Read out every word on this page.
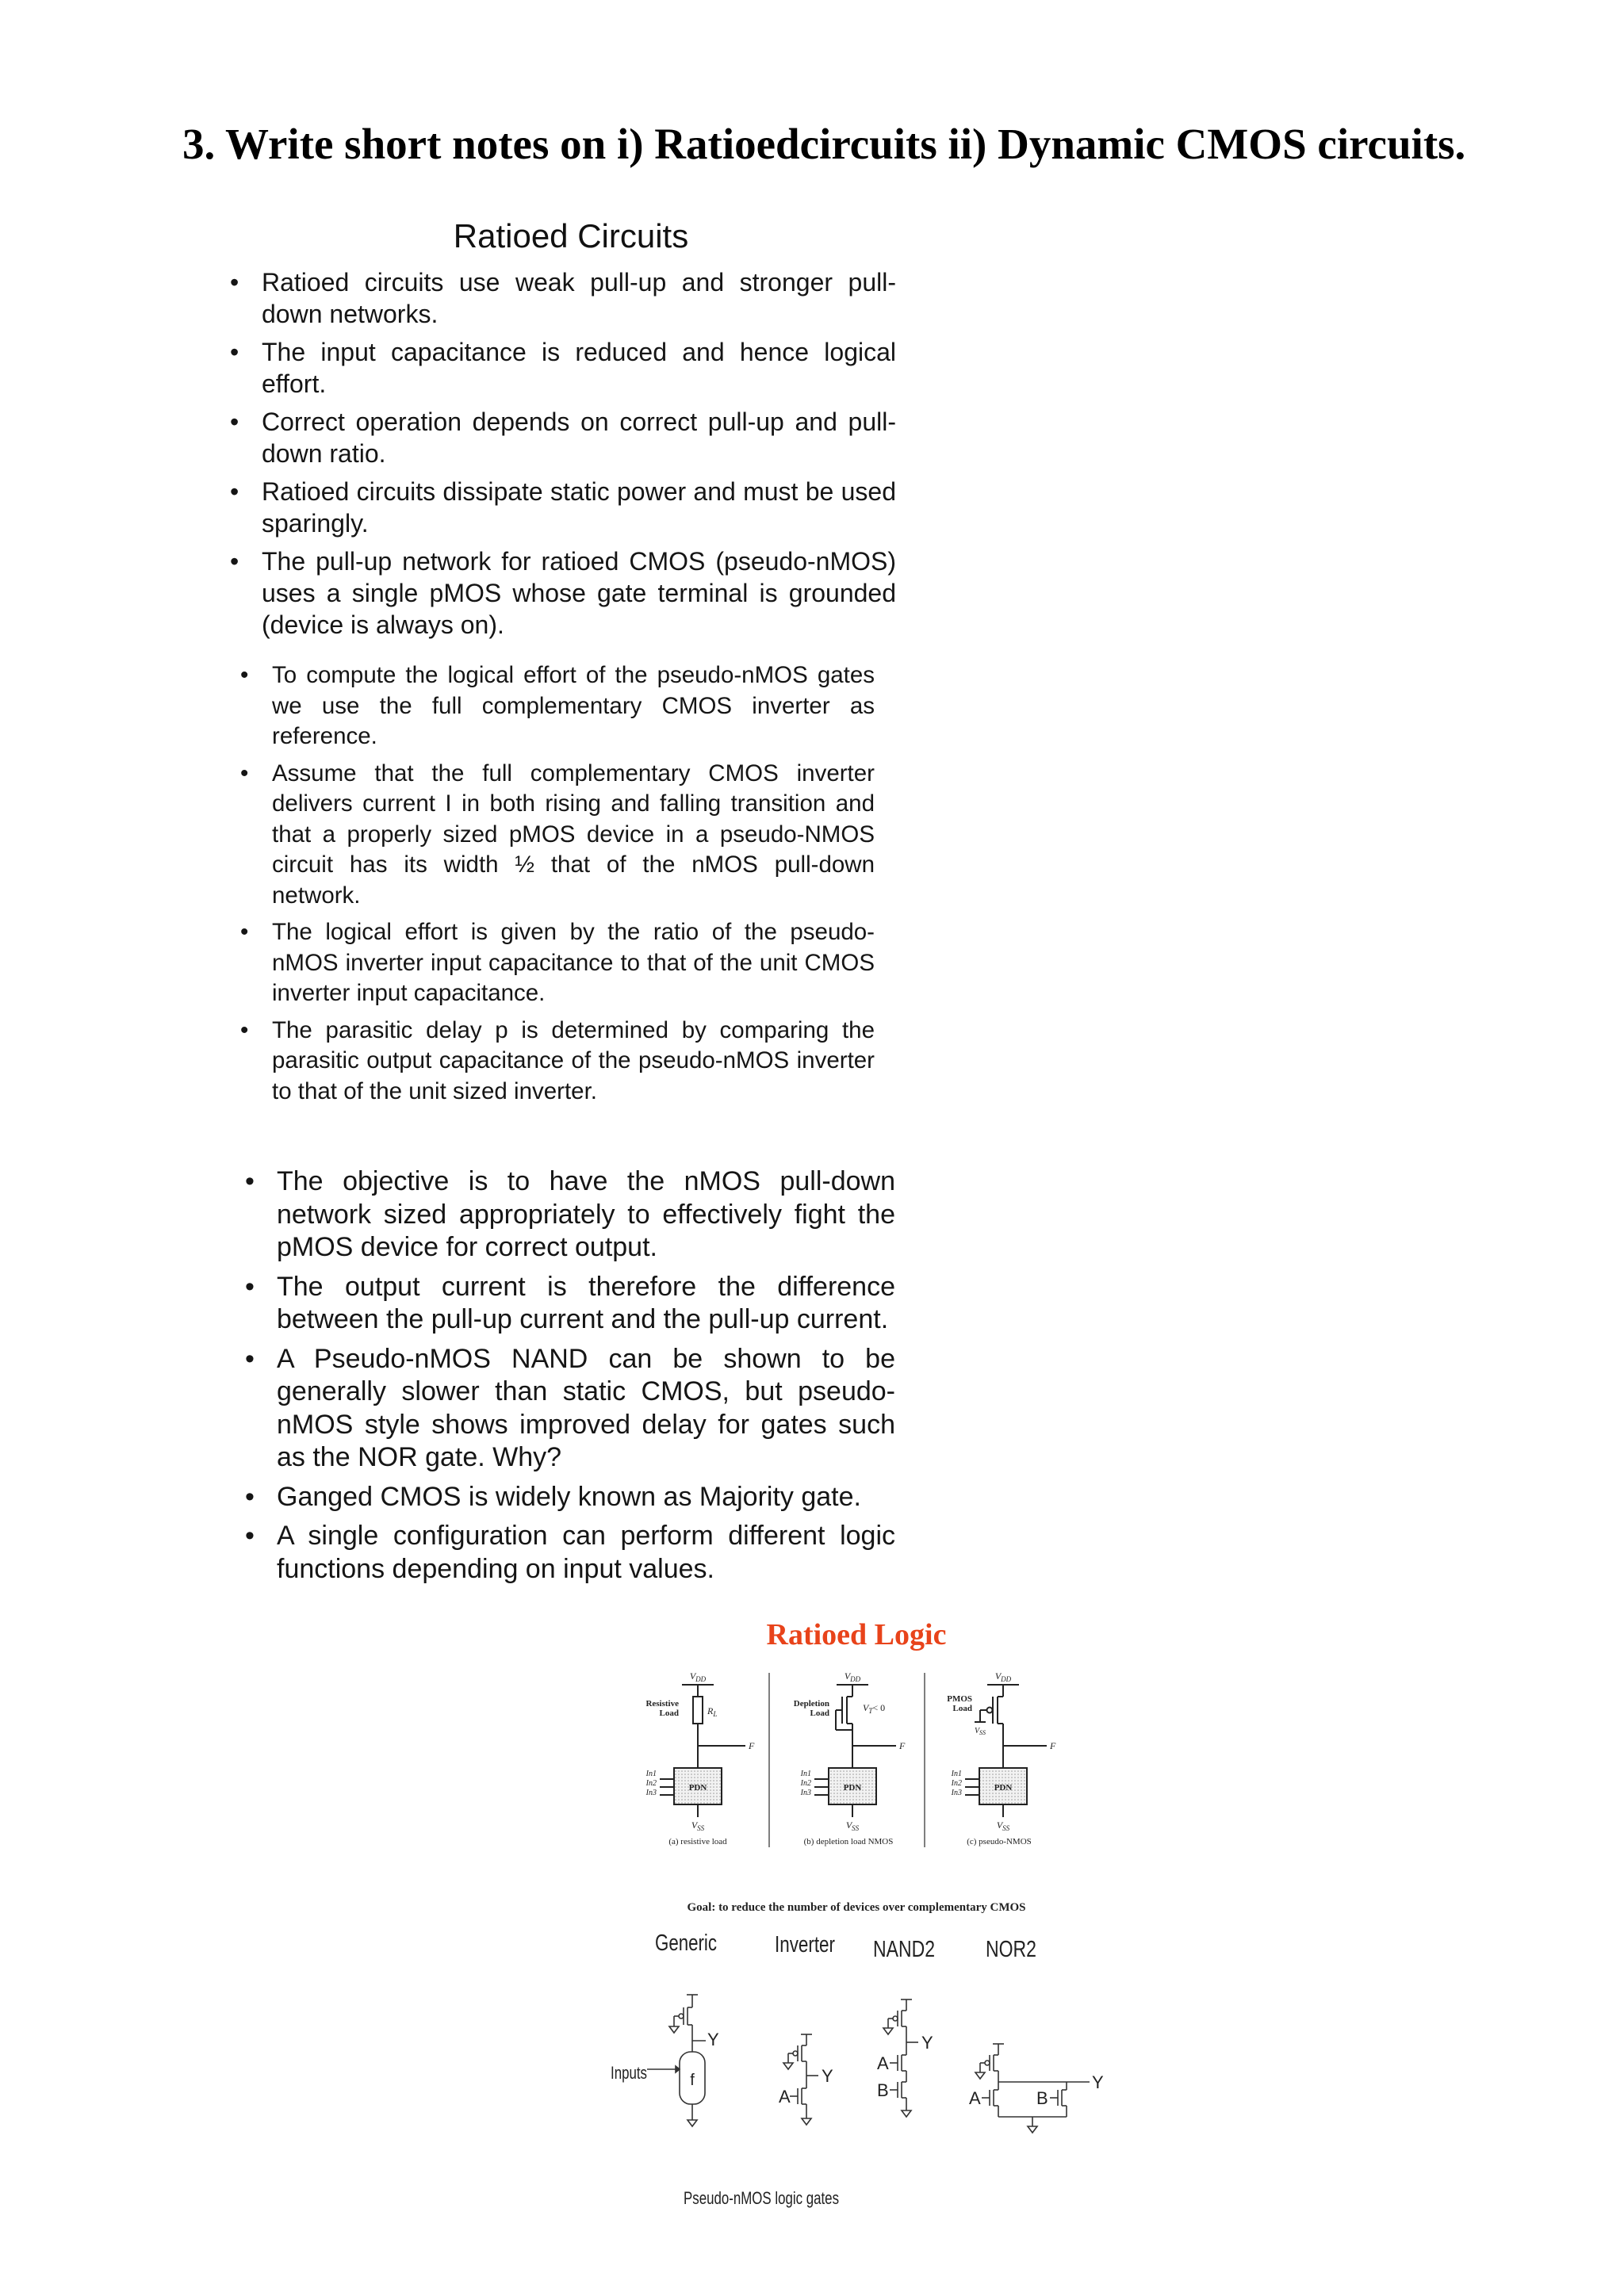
3. Write short notes on i) Ratioedcircuits ii) Dynamic CMOS circuits.
Ratioed Circuits
• Ratioed circuits use weak pull-up and stronger pull-down networks.
• The input capacitance is reduced and hence logical effort.
• Correct operation depends on correct pull-up and pull-down ratio.
• Ratioed circuits dissipate static power and must be used sparingly.
• The pull-up network for ratioed CMOS (pseudo-nMOS) uses a single pMOS whose gate terminal is grounded (device is always on).
• To compute the logical effort of the pseudo-nMOS gates we use the full complementary CMOS inverter as reference.
• Assume that the full complementary CMOS inverter delivers current I in both rising and falling transition and that a properly sized pMOS device in a pseudo-NMOS circuit has its width ½ that of the nMOS pull-down network.
• The logical effort is given by the ratio of the pseudo-nMOS inverter input capacitance to that of the unit CMOS inverter input capacitance.
• The parasitic delay p is determined by comparing the parasitic output capacitance of the pseudo-nMOS inverter to that of the unit sized inverter.
• The objective is to have the nMOS pull-down network sized appropriately to effectively fight the pMOS device for correct output.
• The output current is therefore the difference between the pull-up current and the pull-up current.
• A Pseudo-nMOS NAND can be shown to be generally slower than static CMOS, but pseudo-nMOS style shows improved delay for gates such as the NOR gate. Why?
• Ganged CMOS is widely known as Majority gate.
• A single configuration can perform different logic functions depending on input values.
Ratioed Logic
$V_{DD}$
Resistive
Load	$R_L$
F
PDN
In1
In2
In3
$V_{SS}$
(a) resistive load
$V_{DD}$
Depletion
Load	$V_T< 0$
F
PDN
In1
In2
In3
$V_{SS}$
(b) depletion load NMOS
$V_{DD}$
PMOS
Load
$V_{SS}$
F
PDN
In1
In2
In3
$V_{SS}$
(c) pseudo-NMOS
Goal: to reduce the number of devices over complementary CMOS
Generic	Inverter NAND2 NOR2
Y
Inputs	f	Y
A
Y
A
B	Y
A	B
Pseudo-nMOS logic gates
